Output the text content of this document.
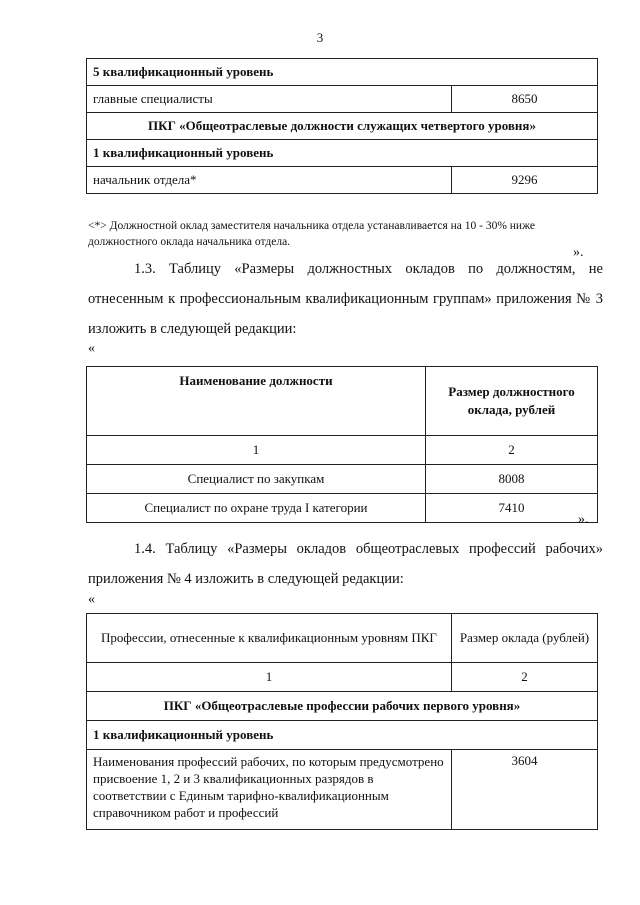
3
5 квалификационный уровень	
главные специалисты	8650
ПКГ «Общеотраслевые должности служащих четвертого уровня»	
1 квалификационный уровень	
начальник отдела*	9296
<*> Должностной оклад заместителя начальника отдела устанавливается на 10 - 30% ниже должностного оклада начальника отдела.
».
1.3. Таблицу «Размеры должностных окладов по должностям, не отнесенным к профессиональным квалификационным группам» приложения № 3 изложить в следующей редакции:
«
Наименование должности	Размер должностного оклада, рублей
1	2
Специалист по закупкам	8008
Специалист по охране труда I категории	7410
».
1.4. Таблицу «Размеры окладов общеотраслевых профессий рабочих» приложения № 4 изложить в следующей редакции:
«
Профессии, отнесенные к квалификационным уровням ПКГ	Размер оклада (рублей)
1	2
ПКГ «Общеотраслевые профессии рабочих первого уровня»	
1 квалификационный уровень	
Наименования профессий рабочих, по которым предусмотрено присвоение 1, 2 и 3 квалификационных разрядов в соответствии с Единым тарифно-квалификационным справочником работ и профессий	3604
